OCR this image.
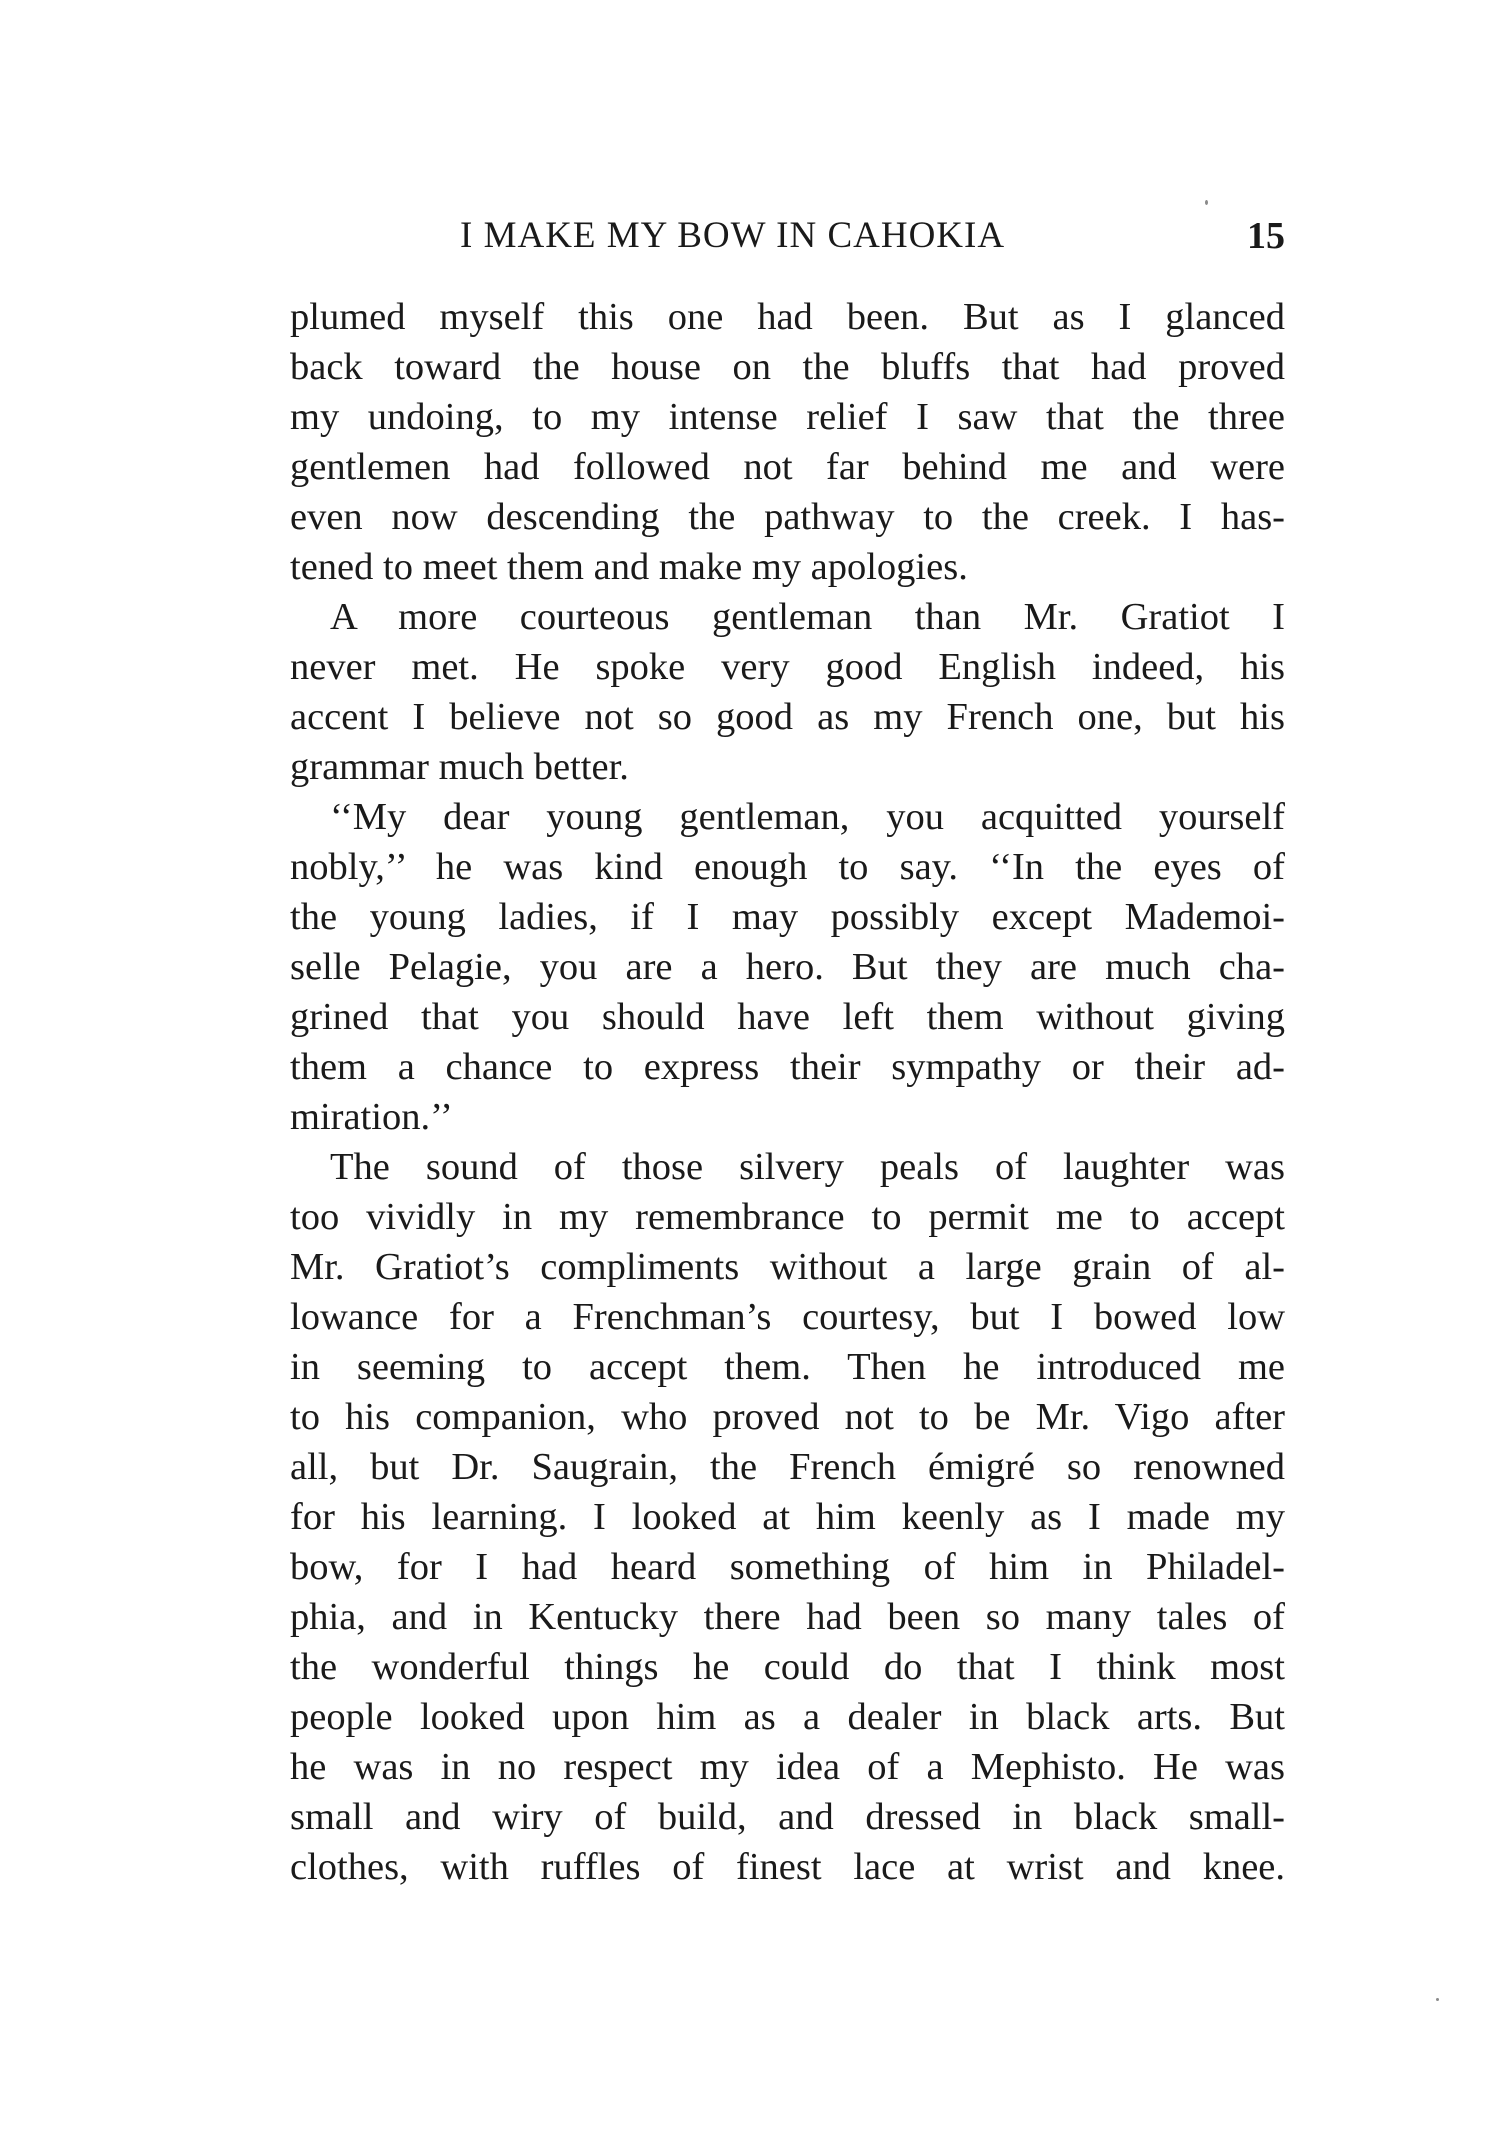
I MAKE MY BOW IN CAHOKIA	15
plumed myself this one had been. But as I glanced
back toward the house on the bluffs that had proved
my undoing, to my intense relief I saw that the three
gentlemen had followed not far behind me and were
even now descending the pathway to the creek. I has-
tened to meet them and make my apologies.
A more courteous gentleman than Mr. Gratiot I
never met. He spoke very good English indeed, his
accent I believe not so good as my French one, but his
grammar much better.
‘‘My dear young gentleman, you acquitted yourself
nobly,’’ he was kind enough to say. ‘‘In the eyes of
the young ladies, if I may possibly except Mademoi-
selle Pelagie, you are a hero. But they are much cha-
grined that you should have left them without giving
them a chance to express their sympathy or their ad-
miration.’’
The sound of those silvery peals of laughter was
too vividly in my remembrance to permit me to accept
Mr. Gratiot’s compliments without a large grain of al-
lowance for a Frenchman’s courtesy, but I bowed low
in seeming to accept them. Then he introduced me
to his companion, who proved not to be Mr. Vigo after
all, but Dr. Saugrain, the French émigré so renowned
for his learning. I looked at him keenly as I made my
bow, for I had heard something of him in Philadel-
phia, and in Kentucky there had been so many tales of
the wonderful things he could do that I think most
people looked upon him as a dealer in black arts. But
he was in no respect my idea of a Mephisto. He was
small and wiry of build, and dressed in black small-
clothes, with ruffles of finest lace at wrist and knee.
